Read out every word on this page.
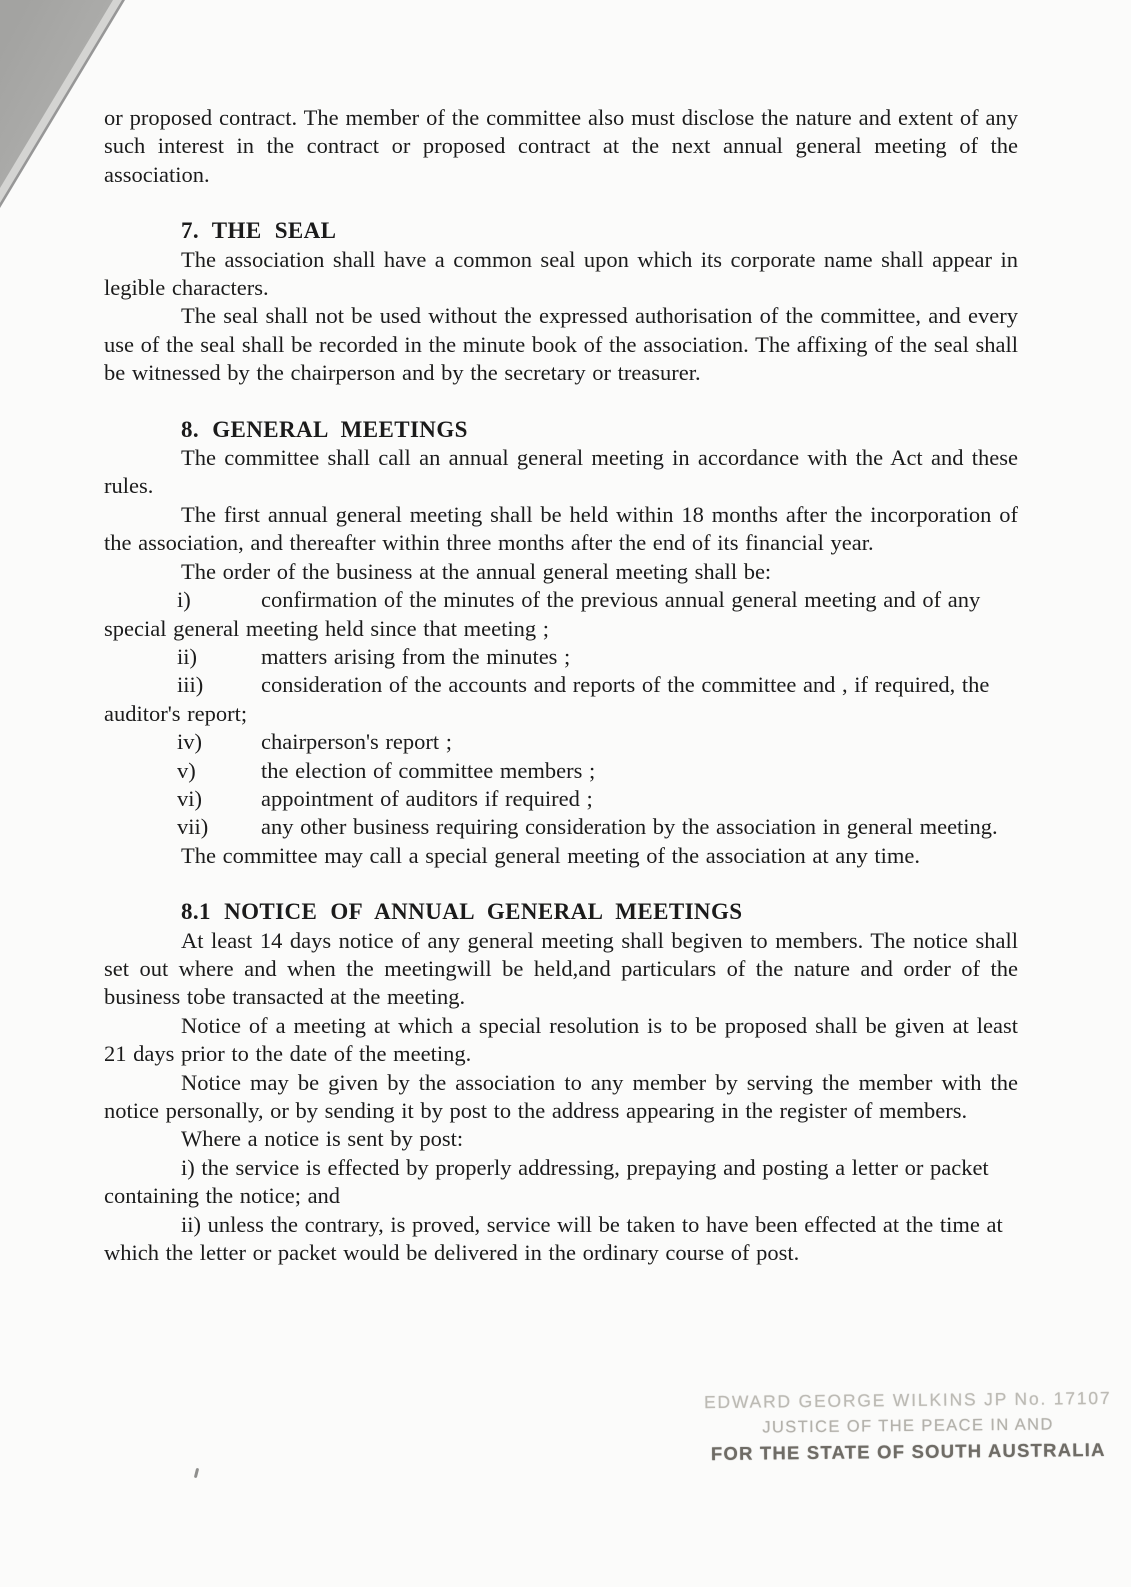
or proposed contract. The member of the committee also must disclose the nature and extent of any such interest in the contract or proposed contract at the next annual general meeting of the association.

7. THE SEAL

The association shall have a common seal upon which its corporate name shall appear in legible characters.

The seal shall not be used without the expressed authorisation of the committee, and every use of the seal shall be recorded in the minute book of the association. The affixing of the seal shall be witnessed by the chairperson and by the secretary or treasurer.

8. GENERAL MEETINGS

The committee shall call an annual general meeting in accordance with the Act and these rules.

The first annual general meeting shall be held within 18 months after the incorporation of the association, and thereafter within three months after the end of its financial year.

The order of the business at the annual general meeting shall be:

i)	confirmation of the minutes of the previous annual general meeting and of any special general meeting held since that meeting ;

ii)	matters arising from the minutes ;

iii)	consideration of the accounts and reports of the committee and , if required, the auditor's report;

iv)	chairperson's report ;

v)	the election of committee members ;

vi)	appointment of auditors if required ;

vii) any other business requiring consideration by the association in general meeting.

The committee may call a special general meeting of the association at any time.

8.1 NOTICE OF ANNUAL GENERAL MEETINGS

At least 14 days notice of any general meeting shall begiven to members. The notice shall set out where and when the meetingwill be held,and particulars of the nature and order of the business tobe transacted at the meeting.

Notice of a meeting at which a special resolution is to be proposed shall be given at least 21 days prior to the date of the meeting.

Notice may be given by the association to any member by serving the member with the notice personally, or by sending it by post to the address appearing in the register of members.

Where a notice is sent by post:

i) the service is effected by properly addressing, prepaying and posting a letter or packet containing the notice; and

ii) unless the contrary, is proved, service will be taken to have been effected at the time at which the letter or packet would be delivered in the ordinary course of post.

EDWARD GEORGE WILKINS JP No. 17107
JUSTICE OF THE PEACE IN AND
FOR THE STATE OF SOUTH AUSTRALIA
